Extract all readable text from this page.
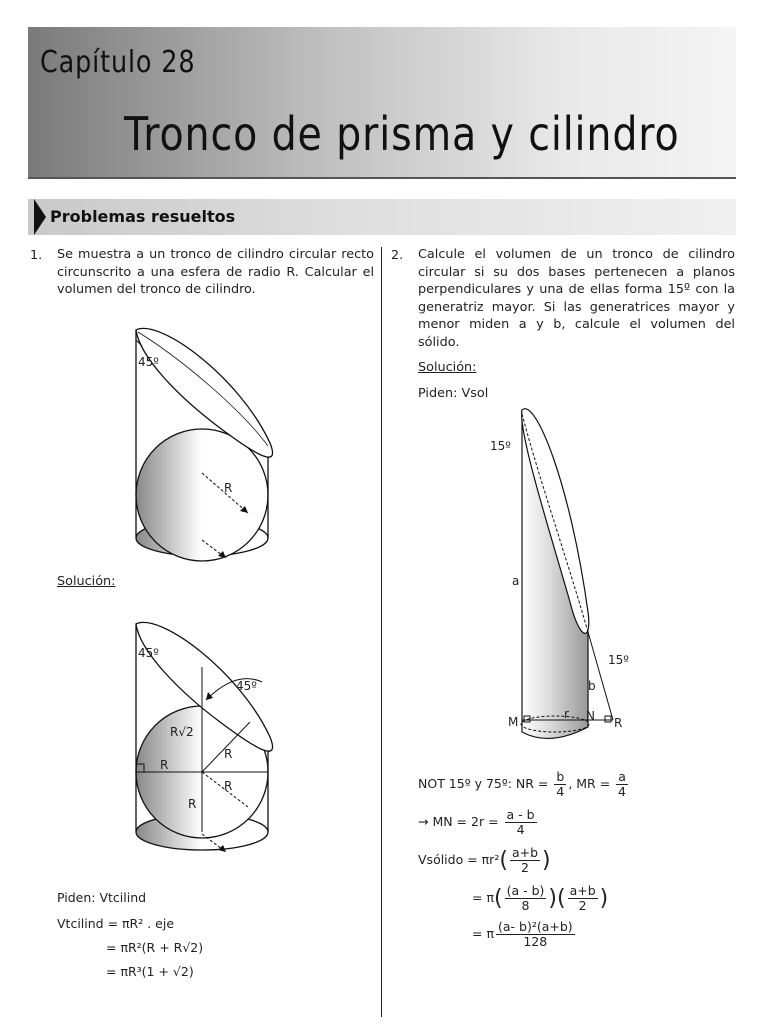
Capítulo 28
Tronco de prisma y cilindro
Problemas resueltos
1. Se muestra a un tronco de cilindro circular recto circunscrito a una esfera de radio R. Calcular el volumen del tronco de cilindro.
45º
R
Solución:
45º
45º
R√2
R
R
R
R
Piden: Vtcilind
Vtcilind = πR² . eje
= πR²(R + R√2)
= πR³(1 + √2)
2. Calcule el volumen de un tronco de cilindro circular si su dos bases pertenecen a planos perpendiculares y una de ellas forma 15º con la generatriz mayor. Si las generatrices mayor y menor miden a y b, calcule el volumen del sólido.
Solución:
Piden: Vsol
15º
15º
a
b
M	N R
r
NOT 15º y 75º: NR = $\frac{b}{4}$ , MR = $\frac{a}{4}$
→ MN = $2r = \frac{a - b}{4}$
Vsólido = $\pi r^2( \frac{a+b}{2}$ )
= $\pi( \frac{(a - b)}{8}$ )( $\frac{a+b}{2}$ )
= π $\frac{\text{(a- b)²(a+b)}}{128}$
